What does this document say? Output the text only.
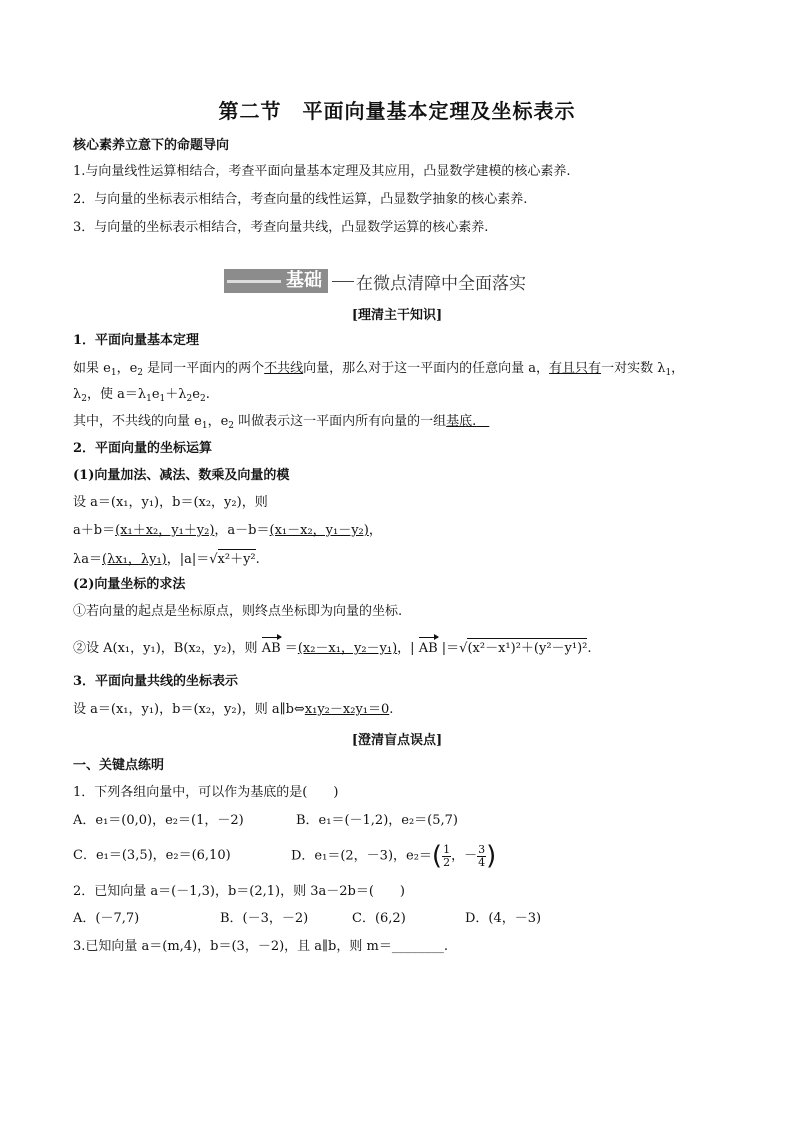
第二节　平面向量基本定理及坐标表示
核心素养立意下的命题导向
1.与向量线性运算相结合，考查平面向量基本定理及其应用，凸显数学建模的核心素养.
2．与向量的坐标表示相结合，考查向量的线性运算，凸显数学抽象的核心素养.
3．与向量的坐标表示相结合，考查向量共线，凸显数学运算的核心素养.
基础	在微点清障中全面落实
[理清主干知识]
1．平面向量基本定理
如果 $e_1$，$e_2$ 是同一平面内的两个不共线向量，那么对于这一平面内的任意向量 a，有且只有一对实数 $\lambda_1$，
$\lambda_2$，使 $a=\lambda_1e_1+\lambda_2e_2$.
其中，不共线的向量 $e_1$，$e_2$ 叫做表示这一平面内所有向量的一组基底. 
2．平面向量的坐标运算
(1)向量加法、减法、数乘及向量的模
设 a＝(x₁，y₁)，b＝(x₂，y₂)，则
a＋b＝(x₁＋x₂，y₁＋y₂)，a－b＝(x₁－x₂，y₁－y₂)，
λa＝(λx₁，λy₁)，|a|＝√x²＋y².
(2)向量坐标的求法
①若向量的起点是坐标原点，则终点坐标即为向量的坐标.
②设 A(x₁，y₁)，B(x₂，y₂)，则 AB ＝(x₂－x₁，y₂－y₁)，| AB |＝√(x²－x¹)²＋(y²－y¹)².
3．平面向量共线的坐标表示
设 a＝(x₁，y₁)，b＝(x₂，y₂)，则 a∥b⇔x₁y₂－x₂y₁＝0.
[澄清盲点误点]
一、关键点练明
1．下列各组向量中，可以作为基底的是(　　)
A．e₁＝(0,0)，e₂＝(1，－2)	B．e₁＝(－1,2)，e₂＝(5,7)
C．e₁＝(3,5)，e₂＝(6,10)	D．e₁＝(2，－3)，$e_2=( \frac{1}{2}$ ，－ $\frac{3}{4}$ )
2．已知向量 a＝(－1,3)，b＝(2,1)，则 3a－2b＝(　　)
A．(－7,7)	B．(－3，－2)	C．(6,2)	D．(4，－3)
3.已知向量 a＝(m,4)，b＝(3，－2)，且 a∥b，则 m＝________.
